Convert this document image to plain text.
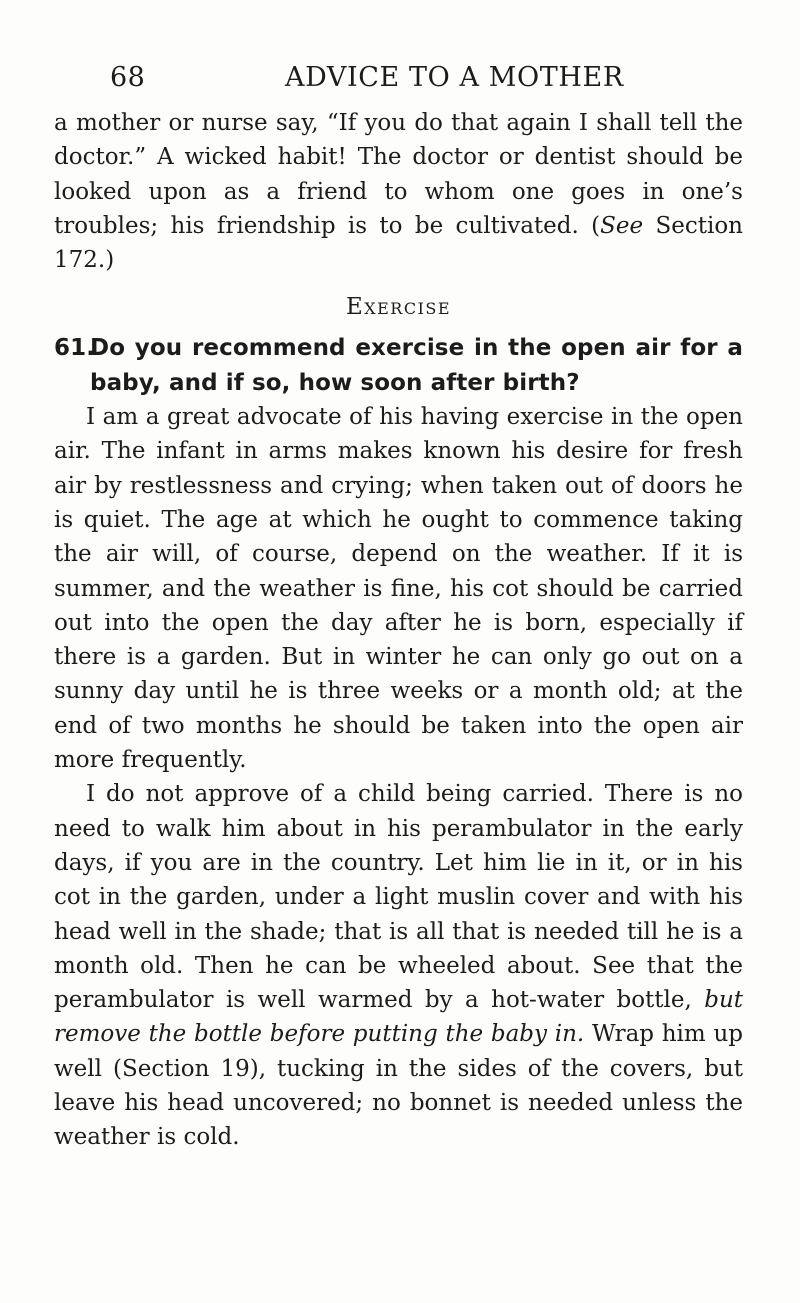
68	ADVICE TO A MOTHER

a mother or nurse say, “If you do that again I shall tell the doctor.” A wicked habit! The doctor or dentist should be looked upon as a friend to whom one goes in one’s troubles; his friendship is to be cultivated. (See Section 172.)

Exercise

61.Do you recommend exercise in the open air for a baby, and if so, how soon after birth?

I am a great advocate of his having exercise in the open air. The infant in arms makes known his desire for fresh air by restlessness and crying; when taken out of doors he is quiet. The age at which he ought to commence taking the air will, of course, depend on the weather. If it is summer, and the weather is fine, his cot should be carried out into the open the day after he is born, especially if there is a garden. But in winter he can only go out on a sunny day until he is three weeks or a month old; at the end of two months he should be taken into the open air more frequently.

I do not approve of a child being carried. There is no need to walk him about in his perambulator in the early days, if you are in the country. Let him lie in it, or in his cot in the garden, under a light muslin cover and with his head well in the shade; that is all that is needed till he is a month old. Then he can be wheeled about. See that the perambulator is well warmed by a hot-water bottle, but remove the bottle before putting the baby in. Wrap him up well (Section 19), tucking in the sides of the covers, but leave his head uncovered; no bonnet is needed unless the weather is cold.
